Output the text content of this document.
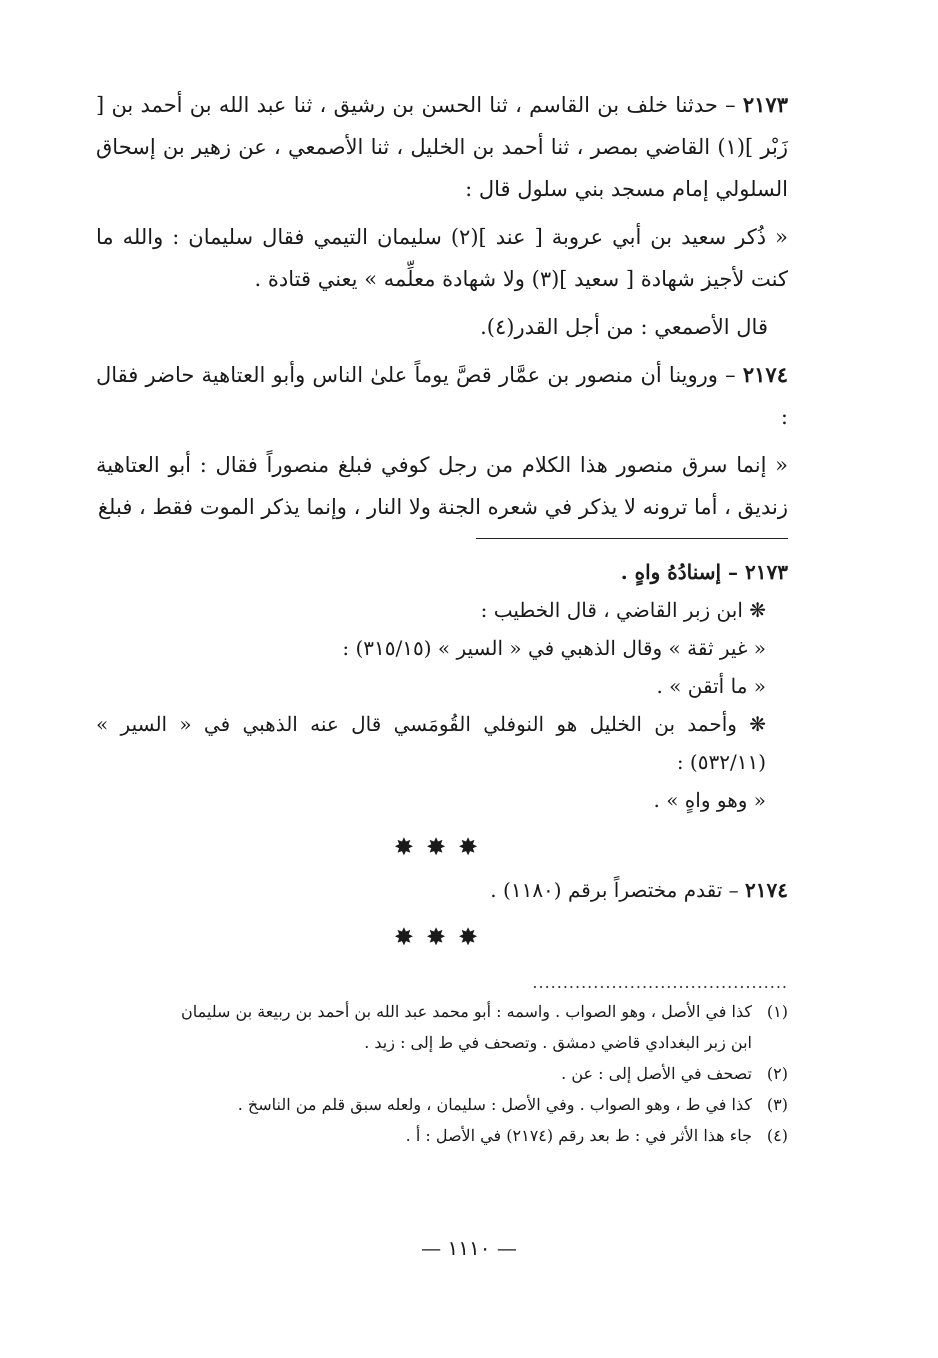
٢١٧٣ – حدثنا خلف بن القاسم ، ثنا الحسن بن رشيق ، ثنا عبد الله بن أحمد بن [ زَبْر ](١) القاضي بمصر ، ثنا أحمد بن الخليل ، ثنا الأصمعي ، عن زهير بن إسحاق السلولي إمام مسجد بني سلول قال :

« ذُكر سعيد بن أبي عروبة [ عند ](٢) سليمان التيمي فقال سليمان : والله ما كنت لأجيز شهادة [ سعيد ](٣) ولا شهادة معلِّمه » يعني قتادة .

قال الأصمعي : من أجل القدر(٤).

٢١٧٤ – وروينا أن منصور بن عمَّار قصَّ يوماً علىٰ الناس وأبو العتاهية حاضر فقال :

« إنما سرق منصور هذا الكلام من رجل كوفي فبلغ منصوراً فقال : أبو العتاهية زنديق ، أما ترونه لا يذكر في شعره الجنة ولا النار ، وإنما يذكر الموت فقط ، فبلغ

٢١٧٣ – إسنادُهُ واهٍ .

❋ ابن زبر القاضي ، قال الخطيب :

« غير ثقة » وقال الذهبي في « السير » (٣١٥/١٥) :

« ما أتقن » .

❋ وأحمد بن الخليل هو النوفلي القُومَسي قال عنه الذهبي في « السير » (٥٣٢/١١) :

« وهو واهٍ » .

✸✸✸

٢١٧٤ – تقدم مختصراً برقم (١١٨٠) .

✸✸✸
..........................................
(١)
كذا في الأصل ، وهو الصواب . واسمه : أبو محمد عبد الله بن أحمد بن ربيعة بن سليمان
ابن زبر البغدادي قاضي دمشق . وتصحف في ط إلى : زيد .
(٢)
تصحف في الأصل إلى : عن .
(٣)
كذا في ط ، وهو الصواب . وفي الأصل : سليمان ، ولعله سبق قلم من الناسخ .
(٤)
جاء هذا الأثر في : ط بعد رقم (٢١٧٤) في الأصل : أ .
— ١١١٠ —
